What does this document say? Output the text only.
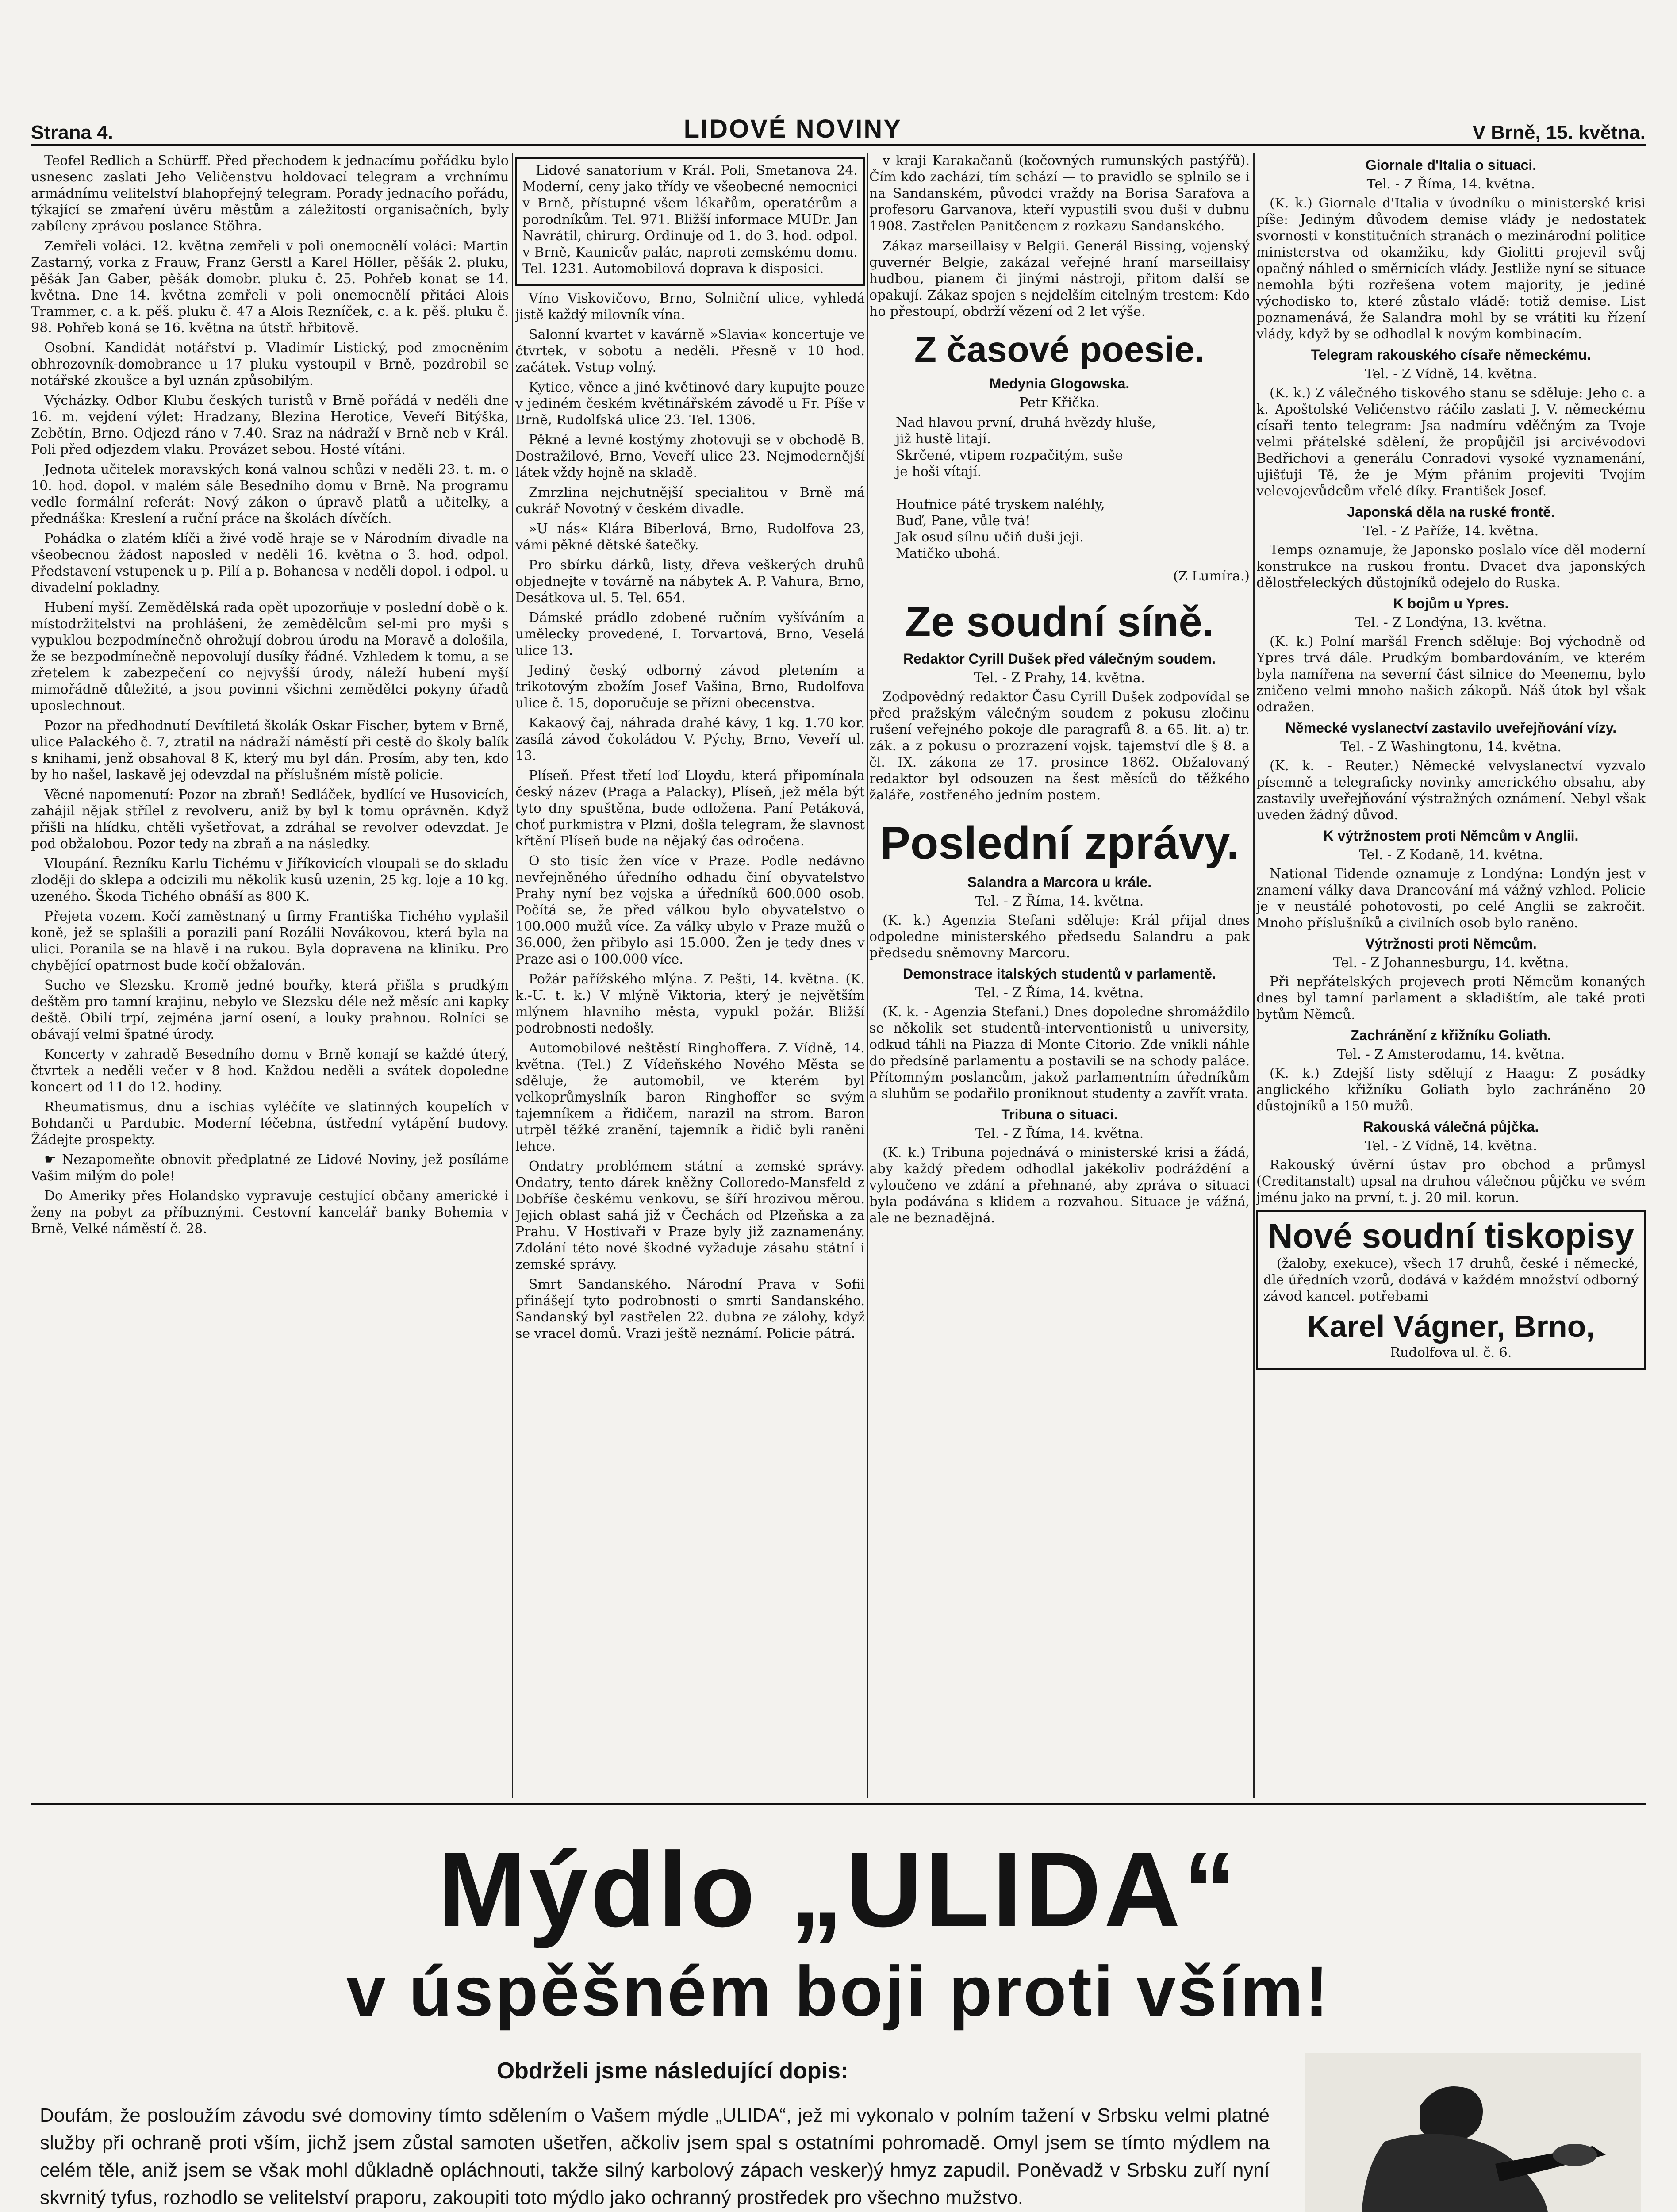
Strana 4.	LIDOVÉ NOVINY	V Brně, 15. května.

Teofel Redlich a Schürff. Před přechodem k jednacímu pořádku bylo usnesenc zaslati Jeho Veličenstvu holdovací telegram a vrchnímu armádnímu velitelství blahopřejný telegram. Porady jednacího pořádu, týkající se zmaření úvěru městům a záležitostí organisačních, byly zabíleny zprávou poslance Stöhra.

Zemřeli voláci. 12. května zemřeli v poli onemocnělí voláci: Martin Zastarný, vorka z Frauw, Franz Gerstl a Karel Höller, pěšák 2. pluku, pěšák Jan Gaber, pěšák domobr. pluku č. 25. Pohřeb konat se 14. května. Dne 14. května zemřeli v poli onemocnělí přitáci Alois Trammer, c. a k. pěš. pluku č. 47 a Alois Rezníček, c. a k. pěš. pluku č. 98. Pohřeb koná se 16. května na útstř. hřbitově.

Osobní. Kandidát notářství p. Vladimír Listický, pod zmocněním obhrozovník-domobrance u 17 pluku vystoupil v Brně, pozdrobil se notářské zkoušce a byl uznán způsobilým.

Výcházky. Odbor Klubu českých turistů v Brně pořádá v neděli dne 16. m. vejdení výlet: Hradzany, Blezina Herotice, Veveří Bitýška, Zebětín, Brno. Odjezd ráno v 7.40. Sraz na nádraží v Brně neb v Král. Poli před odjezdem vlaku. Provázet sebou. Hosté vítáni.

Jednota učitelek moravských koná valnou schůzi v neděli 23. t. m. o 10. hod. dopol. v malém sále Besedního domu v Brně. Na programu vedle formální referát: Nový zákon o úpravě platů a učitelky, a přednáška: Kreslení a ruční práce na školách dívčích.

Pohádka o zlatém klíči a živé vodě hraje se v Národním divadle na všeobecnou žádost naposled v neděli 16. května o 3. hod. odpol. Představení vstupenek u p. Pilí a p. Bohanesa v neděli dopol. i odpol. u divadelní pokladny.

Hubení myší. Zemědělská rada opět upozorňuje v poslední době o k. místodržitelství na prohlášení, že zemědělcům sel-mi pro myši s vypuklou bezpodmínečně ohrožují dobrou úrodu na Moravě a dološila, že se bezpodmínečně nepovolují dusíky řádné. Vzhledem k tomu, a se zřetelem k zabezpečení co nejvyšší úrody, náleží hubení myší mimořádně důležité, a jsou povinni všichni zemědělci pokyny úřadů uposlechnout.

Pozor na předhodnutí Devítiletá školák Oskar Fischer, bytem v Brně, ulice Palackého č. 7, ztratil na nádraží náměstí při cestě do školy balík s knihami, jenž obsahoval 8 K, který mu byl dán. Prosím, aby ten, kdo by ho našel, laskavě jej odevzdal na příslušném místě policie.

Věcné napomenutí: Pozor na zbraň! Sedláček, bydlící ve Husovicích, zahájil nějak střílel z revolveru, aniž by byl k tomu oprávněn. Když přišli na hlídku, chtěli vyšetřovat, a zdráhal se revolver odevzdat. Je pod obžalobou. Pozor tedy na zbraň a na následky.

Vloupání. Řezníku Karlu Tichému v Jiříkovicích vloupali se do skladu zloději do sklepa a odcizili mu několik kusů uzenin, 25 kg. loje a 10 kg. uzeného. Škoda Tichého obnáší as 800 K.

Přejeta vozem. Kočí zaměstnaný u firmy Františka Tichého vyplašil koně, jež se splašili a porazili paní Rozálii Novákovou, která byla na ulici. Poranila se na hlavě i na rukou. Byla dopravena na kliniku. Pro chybějící opatrnost bude kočí obžalován.

Sucho ve Slezsku. Kromě jedné bouřky, která přišla s prudkým deštěm pro tamní krajinu, nebylo ve Slezsku déle než měsíc ani kapky deště. Obilí trpí, zejména jarní osení, a louky prahnou. Rolníci se obávají velmi špatné úrody.

Koncerty v zahradě Besedního domu v Brně konají se každé úterý, čtvrtek a neděli večer v 8 hod. Každou neděli a svátek dopoledne koncert od 11 do 12. hodiny.

Rheumatismus, dnu a ischias vyléčíte ve slatinných koupelích v Bohdanči u Pardubic. Moderní léčebna, ústřední vytápění budovy. Žádejte prospekty.

☛ Nezapomeňte obnovit předplatné ze Lidové Noviny, jež posíláme Vašim milým do pole!

Do Ameriky přes Holandsko vypravuje cestující občany americké i ženy na pobyt za příbuznými. Cestovní kancelář banky Bohemia v Brně, Velké náměstí č. 28.

Lidové sanatorium v Král. Poli, Smetanova 24. Moderní, ceny jako třídy ve všeobecné nemocnici v Brně, přístupné všem lékařům, operatérům a porodníkům. Tel. 971. Bližší informace MUDr. Jan Navrátil, chirurg. Ordinuje od 1. do 3. hod. odpol. v Brně, Kaunicův palác, naproti zemskému domu. Tel. 1231. Automobilová doprava k disposici.

Víno Viskovičovo, Brno, Solniční ulice, vyhledá jistě každý milovník vína.

Salonní kvartet v kavárně »Slavia« koncertuje ve čtvrtek, v sobotu a neděli. Přesně v 10 hod. začátek. Vstup volný.

Kytice, věnce a jiné květinové dary kupujte pouze v jediném českém květinářském závodě u Fr. Píše v Brně, Rudolfská ulice 23. Tel. 1306.

Pěkné a levné kostýmy zhotovuji se v obchodě B. Dostražilové, Brno, Veveří ulice 23. Nejmodernější látek vždy hojně na skladě.

Zmrzlina nejchutnější specialitou v Brně má cukrář Novotný v českém divadle.

»U nás« Klára Biberlová, Brno, Rudolfova 23, vámi pěkné dětské šatečky.

Pro sbírku dárků, listy, dřeva veškerých druhů objednejte v továrně na nábytek A. P. Vahura, Brno, Desátkova ul. 5. Tel. 654.

Dámské prádlo zdobené ručním vyšíváním a umělecky provedené, I. Torvartová, Brno, Veselá ulice 13.

Jediný český odborný závod pletením a trikotovým zbožím Josef Vašina, Brno, Rudolfova ulice č. 15, doporučuje se přízni obecenstva.

Kakaový čaj, náhrada drahé kávy, 1 kg. 1.70 kor. zasílá závod čokoládou V. Pýchy, Brno, Veveří ul. 13.

Plíseň. Přest třetí loď Lloydu, která připomínala český název (Praga a Palacky), Plíseň, jež měla být tyto dny spuštěna, bude odložena. Paní Petáková, choť purkmistra v Plzni, došla telegram, že slavnost křtění Plíseň bude na nějaký čas odročena.

O sto tisíc žen více v Praze. Podle nedávno nevřejněného úředního odhadu činí obyvatelstvo Prahy nyní bez vojska a úředníků 600.000 osob. Počítá se, že před válkou bylo obyvatelstvo o 100.000 mužů více. Za války ubylo v Praze mužů o 36.000, žen přibylo asi 15.000. Žen je tedy dnes v Praze asi o 100.000 více.

Požár pařížského mlýna. Z Pešti, 14. května. (K. k.-U. t. k.) V mlýně Viktoria, který je největším mlýnem hlavního města, vypukl požár. Bližší podrobnosti nedošly.

Automobilové neštěstí Ringhoffera. Z Vídně, 14. května. (Tel.) Z Vídeňského Nového Města se sděluje, že automobil, ve kterém byl velkoprůmyslník baron Ringhoffer se svým tajemníkem a řidičem, narazil na strom. Baron utrpěl těžké zranění, tajemník a řidič byli raněni lehce.

Ondatry problémem státní a zemské správy. Ondatry, tento dárek kněžny Colloredo-Mansfeld z Dobříše českému venkovu, se šíří hrozivou měrou. Jejich oblast sahá již v Čechách od Plzeňska a za Prahu. V Hostivaři v Praze byly již zaznamenány. Zdolání této nové škodné vyžaduje zásahu státní i zemské správy.

Smrt Sandanského. Národní Prava v Sofii přinášejí tyto podrobnosti o smrti Sandanského. Sandanský byl zastřelen 22. dubna ze zálohy, když se vracel domů. Vrazi ještě neznámí. Policie pátrá.

v kraji Karakačanů (kočovných rumunských pastýřů). Čím kdo zachází, tím schází — to pravidlo se splnilo se i na Sandanském, původci vraždy na Borisa Sarafova a profesoru Garvanova, kteří vypustili svou duši v dubnu 1908. Zastřelen Panitčenem z rozkazu Sandanského.

Zákaz marseillaisy v Belgii. Generál Bissing, vojenský guvernér Belgie, zakázal veřejné hraní marseillaisy hudbou, pianem či jinými nástroji, přitom další se opakují. Zákaz spojen s nejdelším citelným trestem: Kdo ho přestoupí, obdrží vězení od 2 let výše.

Z časové poesie.
Medynia Glogowska.

Petr Křička.

Nad hlavou první, druhá hvězdy hluše,
již hustě litají.
Skrčené, vtipem rozpačitým, suše
je hoši vítají.

Houfnice páté tryskem naléhly,
Buď, Pane, vůle tvá!
Jak osud sílnu učiň duši jeji.
Matičko ubohá.

(Z Lumíra.)

Ze soudní síně.
Redaktor Cyrill Dušek před válečným soudem.

Tel. - Z Prahy, 14. května.

Zodpovědný redaktor Času Cyrill Dušek zodpovídal se před pražským válečným soudem z pokusu zločinu rušení veřejného pokoje dle paragrafů 8. a 65. lit. a) tr. zák. a z pokusu o prozrazení vojsk. tajemství dle § 8. a čl. IX. zákona ze 17. prosince 1862. Obžalovaný redaktor byl odsouzen na šest měsíců do těžkého žaláře, zostřeného jedním postem.

Poslední zprávy.
Salandra a Marcora u krále.

Tel. - Z Říma, 14. května.

(K. k.) Agenzia Stefani sděluje: Král přijal dnes odpoledne ministerského předsedu Salandru a pak předsedu sněmovny Marcoru.

Demonstrace italských studentů v parlamentě.

Tel. - Z Říma, 14. května.

(K. k. - Agenzia Stefani.) Dnes dopoledne shromáždilo se několik set studentů-interventionistů u university, odkud táhli na Piazza di Monte Citorio. Zde vnikli náhle do předsíně parlamentu a postavili se na schody paláce. Přítomným poslancům, jakož parlamentním úředníkům a sluhům se podařilo proniknout studenty a zavřít vrata.

Tribuna o situaci.

Tel. - Z Říma, 14. května.

(K. k.) Tribuna pojednává o ministerské krisi a žádá, aby každý předem odhodlal jakékoliv podráždění a vyloučeno ve zdání a přehnané, aby zpráva o situaci byla podávána s klidem a rozvahou. Situace je vážná, ale ne beznadějná.

Giornale d'Italia o situaci.

Tel. - Z Říma, 14. května.

(K. k.) Giornale d'Italia v úvodníku o ministerské krisi píše: Jediným důvodem demise vlády je nedostatek svornosti v konstitučních stranách o mezinárodní politice ministerstva od okamžiku, kdy Giolitti projevil svůj opačný náhled o směrnicích vlády. Jestliže nyní se situace nemohla býti rozřešena votem majority, je jediné východisko to, které zůstalo vládě: totiž demise. List poznamenává, že Salandra mohl by se vrátiti ku řízení vlády, když by se odhodlal k novým kombinacím.

Telegram rakouského císaře německému.

Tel. - Z Vídně, 14. května.

(K. k.) Z válečného tiskového stanu se sděluje: Jeho c. a k. Apoštolské Veličenstvo ráčilo zaslati J. V. německému císaři tento telegram: Jsa nadmíru vděčným za Tvoje velmi přátelské sdělení, že propůjčil jsi arcivévodovi Bedřichovi a generálu Conradovi vysoké vyznamenání, ujišťuji Tě, že je Mým přáním projeviti Tvojím velevojevůdcům vřelé díky. František Josef.

Japonská děla na ruské frontě.

Tel. - Z Paříže, 14. května.

Temps oznamuje, že Japonsko poslalo více děl moderní konstrukce na ruskou frontu. Dvacet dva japonských dělostřeleckých důstojníků odejelo do Ruska.

K bojům u Ypres.

Tel. - Z Londýna, 13. května.

(K. k.) Polní maršál French sděluje: Boj východně od Ypres trvá dále. Prudkým bombardováním, ve kterém byla namířena na severní část silnice do Meenemu, bylo zničeno velmi mnoho našich zákopů. Náš útok byl však odražen.

Německé vyslanectví zastavilo uveřejňování vízy.

Tel. - Z Washingtonu, 14. května.

(K. k. - Reuter.) Německé velvyslanectví vyzvalo písemně a telegraficky novinky amerického obsahu, aby zastavily uveřejňování výstražných oznámení. Nebyl však uveden žádný důvod.

K výtržnostem proti Němcům v Anglii.

Tel. - Z Kodaně, 14. května.

National Tidende oznamuje z Londýna: Londýn jest v znamení války dava Drancování má vážný vzhled. Policie je v neustálé pohotovosti, po celé Anglii se zakročit. Mnoho příslušníků a civilních osob bylo raněno.

Výtržnosti proti Němcům.

Tel. - Z Johannesburgu, 14. května.

Při nepřátelských projevech proti Němcům konaných dnes byl tamní parlament a skladištím, ale také proti bytům Němců.

Zachránění z křižníku Goliath.

Tel. - Z Amsterodamu, 14. května.

(K. k.) Zdejší listy sdělují z Haagu: Z posádky anglického křižníku Goliath bylo zachráněno 20 důstojníků a 150 mužů.

Rakouská válečná půjčka.

Tel. - Z Vídně, 14. května.

Rakouský úvěrní ústav pro obchod a průmysl (Creditanstalt) upsal na druhou válečnou půjčku ve svém jménu jako na první, t. j. 20 mil. korun.

Nové soudní tiskopisy

(žaloby, exekuce), všech 17 druhů, české i německé, dle úředních vzorů, dodává v každém množství odborný závod kancel. potřebami

Karel Vágner, Brno,

Rudolfova ul. č. 6.

Mýdlo „ULIDA“
v úspěšném boji proti vším!
Obdrželi jsme následující dopis:
Doufám, že posloužím závodu své domoviny tímto sdělením o Vašem mýdle „ULIDA“, jež mi vykonalo v polním tažení v Srbsku velmi platné služby při ochraně proti vším, jichž jsem zůstal samoten ušetřen, ačkoliv jsem spal s ostatními pohromadě. Omyl jsem se tímto mýdlem na celém těle, aniž jsem se však mohl důkladně opláchnouti, takže silný karbolový zápach vesker)ý hmyz zapudil. Poněvadž v Srbsku zuří nyní skvrnitý tyfus, rozhodlo se velitelství praporu, zakoupiti toto mýdlo jako ochranný prostředek pro všechno mužstvo.
